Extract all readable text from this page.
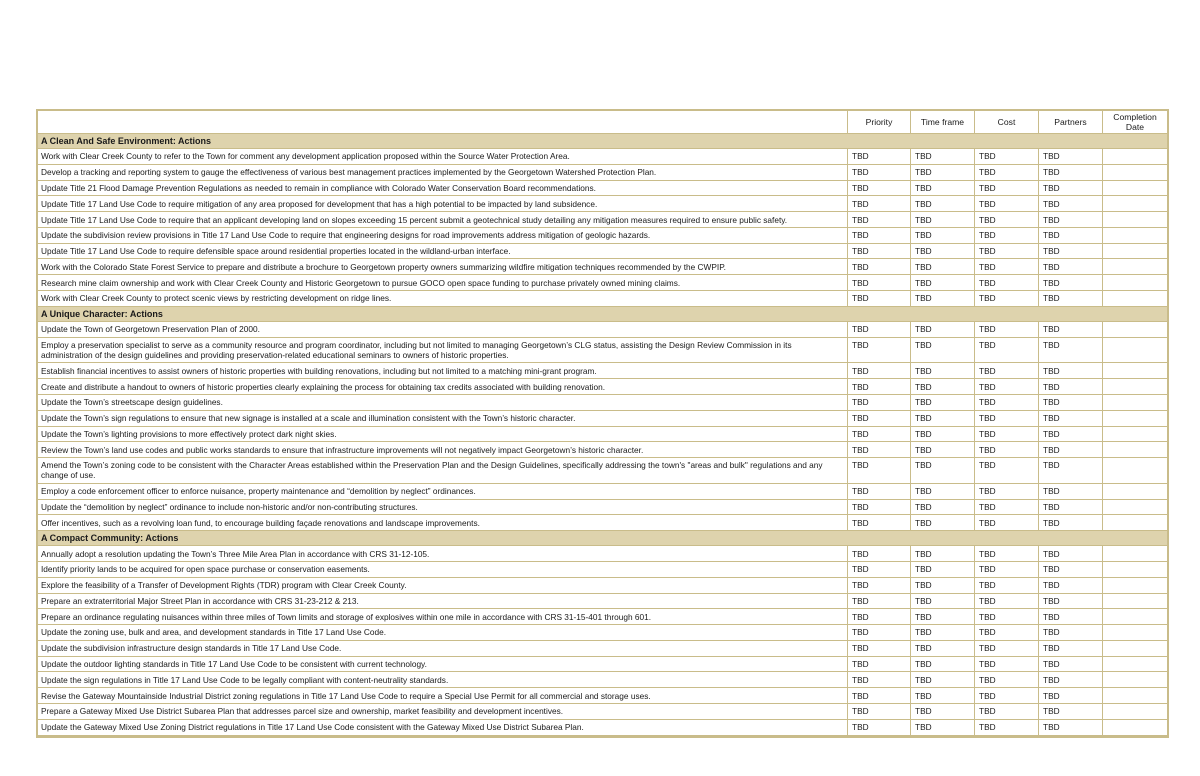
	Priority	Time frame	Cost	Partners	Completion Date
A Clean And Safe Environment: Actions					
Work with Clear Creek County to refer to the Town for comment any development application proposed within the Source Water Protection Area.	TBD	TBD	TBD	TBD	
Develop a tracking and reporting system to gauge the effectiveness of various best management practices implemented by the Georgetown Watershed Protection Plan.	TBD	TBD	TBD	TBD	
Update Title 21 Flood Damage Prevention Regulations as needed to remain in compliance with Colorado Water Conservation Board recommendations.	TBD	TBD	TBD	TBD	
Update Title 17 Land Use Code to require mitigation of any area proposed for development that has a high potential to be impacted by land subsidence.	TBD	TBD	TBD	TBD	
Update Title 17 Land Use Code to require that an applicant developing land on slopes exceeding 15 percent submit a geotechnical study detailing any mitigation measures required to ensure public safety.	TBD	TBD	TBD	TBD	
Update the subdivision review provisions in Title 17 Land Use Code to require that engineering designs for road improvements address mitigation of geologic hazards.	TBD	TBD	TBD	TBD	
Update Title 17 Land Use Code to require defensible space around residential properties located in the wildland-urban interface.	TBD	TBD	TBD	TBD	
Work with the Colorado State Forest Service to prepare and distribute a brochure to Georgetown property owners summarizing wildfire mitigation techniques recommended by the CWPIP.	TBD	TBD	TBD	TBD	
Research mine claim ownership and work with Clear Creek County and Historic Georgetown to pursue GOCO open space funding to purchase privately owned mining claims.	TBD	TBD	TBD	TBD	
Work with Clear Creek County to protect scenic views by restricting development on ridge lines.	TBD	TBD	TBD	TBD	
A Unique Character: Actions					
Update the Town of Georgetown Preservation Plan of 2000.	TBD	TBD	TBD	TBD	
Employ a preservation specialist to serve as a community resource and program coordinator, including but not limited to managing Georgetown’s CLG status, assisting the Design Review Commission in its administration of the design guidelines and providing preservation-related educational seminars to owners of historic properties.	TBD	TBD	TBD	TBD	
Establish financial incentives to assist owners of historic properties with building renovations, including but not limited to a matching mini-grant program.	TBD	TBD	TBD	TBD	
Create and distribute a handout to owners of historic properties clearly explaining the process for obtaining tax credits associated with building renovation.	TBD	TBD	TBD	TBD	
Update the Town’s streetscape design guidelines.	TBD	TBD	TBD	TBD	
Update the Town’s sign regulations to ensure that new signage is installed at a scale and illumination consistent with the Town’s historic character.	TBD	TBD	TBD	TBD	
Update the Town’s lighting provisions to more effectively protect dark night skies.	TBD	TBD	TBD	TBD	
Review the Town’s land use codes and public works standards to ensure that infrastructure improvements will not negatively impact Georgetown’s historic character.	TBD	TBD	TBD	TBD	
Amend the Town’s zoning code to be consistent with the Character Areas established within the Preservation Plan and the Design Guidelines, specifically addressing the town's "areas and bulk" regulations and any change of use.	TBD	TBD	TBD	TBD	
Employ a code enforcement officer to enforce nuisance, property maintenance and “demolition by neglect” ordinances.	TBD	TBD	TBD	TBD	
Update the “demolition by neglect” ordinance to include non-historic and/or non-contributing structures.	TBD	TBD	TBD	TBD	
Offer incentives, such as a revolving loan fund, to encourage building façade renovations and landscape improvements.	TBD	TBD	TBD	TBD	
A Compact Community: Actions					
Annually adopt a resolution updating the Town’s Three Mile Area Plan in accordance with CRS 31-12-105.	TBD	TBD	TBD	TBD	
Identify priority lands to be acquired for open space purchase or conservation easements.	TBD	TBD	TBD	TBD	
Explore the feasibility of a Transfer of Development Rights (TDR) program with Clear Creek County.	TBD	TBD	TBD	TBD	
Prepare an extraterritorial Major Street Plan in accordance with CRS 31-23-212 & 213.	TBD	TBD	TBD	TBD	
Prepare an ordinance regulating nuisances within three miles of Town limits and storage of explosives within one mile in accordance with CRS 31-15-401 through 601.	TBD	TBD	TBD	TBD	
Update the zoning use, bulk and area, and development standards in Title 17 Land Use Code.	TBD	TBD	TBD	TBD	
Update the subdivision infrastructure design standards in Title 17 Land Use Code.	TBD	TBD	TBD	TBD	
Update the outdoor lighting standards in Title 17 Land Use Code to be consistent with current technology.	TBD	TBD	TBD	TBD	
Update the sign regulations in Title 17 Land Use Code to be legally compliant with content-neutrality standards.	TBD	TBD	TBD	TBD	
Revise the Gateway Mountainside Industrial District zoning regulations in Title 17 Land Use Code to require a Special Use Permit for all commercial and storage uses.	TBD	TBD	TBD	TBD	
Prepare a Gateway Mixed Use District Subarea Plan that addresses parcel size and ownership, market feasibility and development incentives.	TBD	TBD	TBD	TBD	
Update the Gateway Mixed Use Zoning District regulations in Title 17 Land Use Code consistent with the Gateway Mixed Use District Subarea Plan.	TBD	TBD	TBD	TBD	
